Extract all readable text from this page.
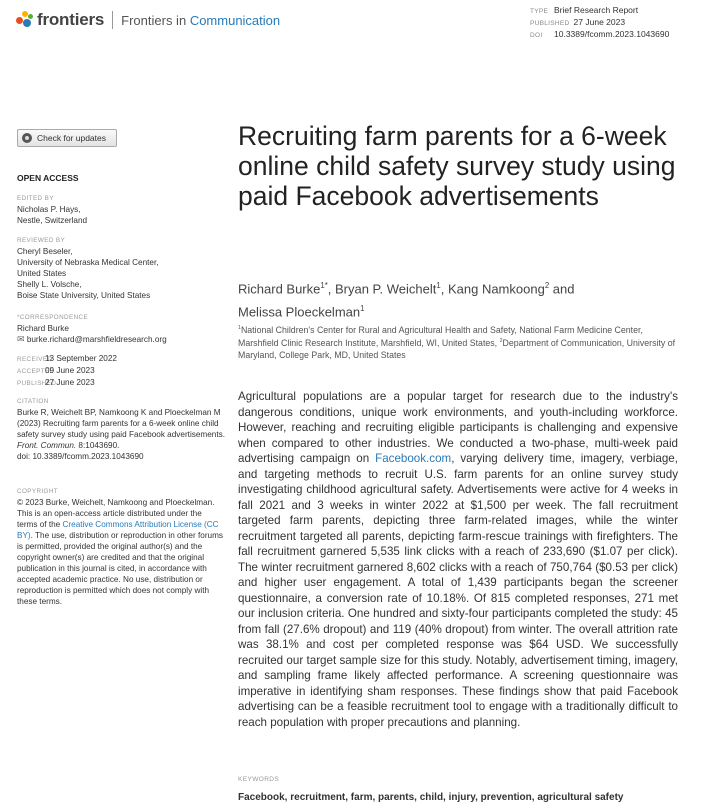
frontiers Frontiers in Communication
TYPE Brief Research Report
PUBLISHED 27 June 2023
DOI 10.3389/fcomm.2023.1043690
Check for updates
OPEN ACCESS
EDITED BY
Nicholas P. Hays,
Nestle, Switzerland
REVIEWED BY
Cheryl Beseler,
University of Nebraska Medical Center,
United States
Shelly L. Volsche,
Boise State University, United States
*CORRESPONDENCE
Richard Burke
✉ burke.richard@marshfieldresearch.org
RECEIVED13 September 2022
ACCEPTED09 June 2023
PUBLISHED27 June 2023
CITATION
Burke R, Weichelt BP, Namkoong K and Ploeckelman M (2023) Recruiting farm parents for a 6-week online child safety survey study using paid Facebook advertisements.
Front. Commun. 8:1043690.
doi: 10.3389/fcomm.2023.1043690
COPYRIGHT
© 2023 Burke, Weichelt, Namkoong and Ploeckelman. This is an open-access article distributed under the terms of the Creative Commons Attribution License (CC BY). The use, distribution or reproduction in other forums is permitted, provided the original author(s) and the copyright owner(s) are credited and that the original publication in this journal is cited, in accordance with accepted academic practice. No use, distribution or reproduction is permitted which does not comply with these terms.
Recruiting farm parents for a 6-week online child safety survey study using paid Facebook advertisements
Richard Burke$^{1*}$, Bryan P. Weichelt$^1$, Kang Namkoong$^2$ and
Melissa Ploeckelman$^1$
$^1$National Children's Center for Rural and Agricultural Health and Safety, National Farm Medicine Center, Marshfield Clinic Research Institute, Marshfield, WI, United States, $^2$Department of Communication, University of Maryland, College Park, MD, United States
Agricultural populations are a popular target for research due to the industry's dangerous conditions, unique work environments, and youth-including workforce. However, reaching and recruiting eligible participants is challenging and expensive when compared to other industries. We conducted a two-phase, multi-week paid advertising campaign on Facebook.com, varying delivery time, imagery, verbiage, and targeting methods to recruit U.S. farm parents for an online survey study investigating childhood agricultural safety. Advertisements were active for 4 weeks in fall 2021 and 3 weeks in winter 2022 at $1,500 per week. The fall recruitment targeted farm parents, depicting three farm-related images, while the winter recruitment targeted all parents, depicting farm-rescue trainings with firefighters. The fall recruitment garnered 5,535 link clicks with a reach of 233,690 ($1.07 per click). The winter recruitment garnered 8,602 clicks with a reach of 750,764 ($0.53 per click) and higher user engagement. A total of 1,439 participants began the screener questionnaire, a conversion rate of 10.18%. Of 815 completed responses, 271 met our inclusion criteria. One hundred and sixty-four participants completed the study: 45 from fall (27.6% dropout) and 119 (40% dropout) from winter. The overall attrition rate was 38.1% and cost per completed response was $64 USD. We successfully recruited our target sample size for this study. Notably, advertisement timing, imagery, and sampling frame likely affected performance. A screening questionnaire was imperative in identifying sham responses. These findings show that paid Facebook advertising can be a feasible recruitment tool to engage with a traditionally difficult to reach population with proper precautions and planning.
KEYWORDS
Facebook, recruitment, farm, parents, child, injury, prevention, agricultural safety
